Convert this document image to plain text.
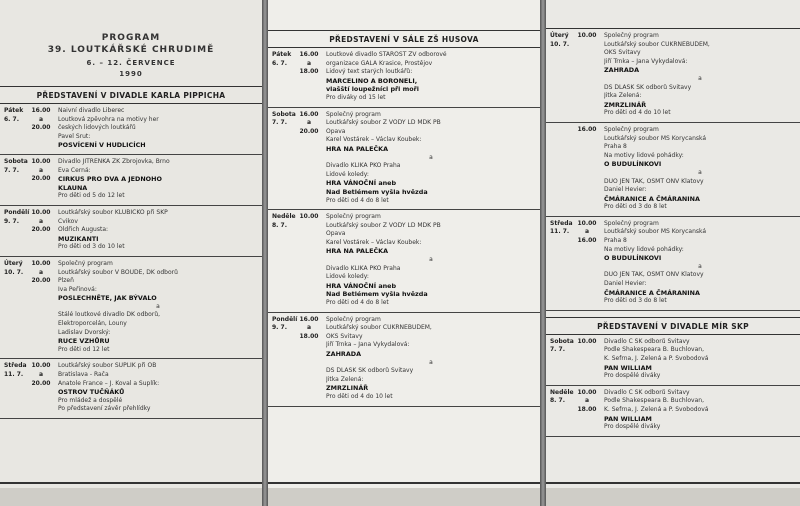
PROGRAM
39. LOUTKÁŘSKÉ CHRUDIMĚ
6. – 12. ČERVENCE
1990
PŘEDSTAVENÍ V DIVADLE KARLA PIPPICHA
Pátek
6. 7.
16.00
a
20.00
Naivní divadlo Liberec
Loutková zpěvohra na motivy her
českých lidových loutkářů
Pavel Šrut:
POSVÍCENÍ V HUDLICÍCH
Sobota
7. 7.
10.00
a
20.00
Divadlo JITŘENKA ZK Zbrojovka, Brno
Eva Černá:
CIRKUS PRO DVA A JEDNOHO
KLAUNA
Pro děti od 5 do 12 let
Pondělí
9. 7.
10.00
a
20.00
Loutkářský soubor KLUBÍČKO při SKP
Cvikov
Oldřich Augusta:
MUZIKANTI
Pro děti od 3 do 10 let
Úterý
10. 7.
10.00
a
20.00
Společný program
Loutkářský soubor V BOUDĚ, DK odborů
Plzeň
Iva Peřinová:
POSLECHNĚTE, JAK BÝVALO
a
Stálé loutkové divadlo DK odborů,
Elektroporcelán, Louny
Ladislav Dvorský:
RUCE VZHŮRU
Pro děti od 12 let
Středa
11. 7.
10.00
a
20.00
Loutkářský soubor ŠUPLÍK při OB
Bratislava - Rača
Anatole France – J. Koval a Šuplík:
OSTROV TUČŇÁKŮ
Pro mládež a dospělé
Po představení závěr přehlídky
PŘEDSTAVENÍ V SÁLE ZŠ HUSOVA
Pátek
6. 7.
16.00
a
18.00
Loutkové divadlo STAROST ZV odborové
organizace GALA Krasice, Prostějov
Lidový text starých loutkářů:
MARCELINO A BORONELI,
vlašští loupežníci při moři
Pro diváky od 15 let
Sobota
7. 7.
16.00
a
20.00
Společný program
Loutkářský soubor Z VODY LD MDK PB
Opava
Karel Vostárek – Václav Koubek:
HRA NA PALEČKA
a
Divadlo KLIKA PKO Praha
Lidové koledy:
HRA VÁNOČNÍ aneb
Nad Betlémem vyšla hvězda
Pro děti od 4 do 8 let
Neděle
8. 7.
10.00 Společný program
Loutkářský soubor Z VODY LD MDK PB
Opava
Karel Vostárek – Václav Koubek:
HRA NA PALEČKA
a
Divadlo KLIKA PKO Praha
Lidové koledy:
HRA VÁNOČNÍ aneb
Nad Betlémem vyšla hvězda
Pro děti od 4 do 8 let
Pondělí
9. 7.
16.00
a
18.00
Společný program
Loutkářský soubor CUKRNEBUDEM,
OKS Svitavy
Jiří Trnka – Jana Vykydalová:
ZAHRADA
a
DS DLASK SK odborů Svitavy
Jitka Zelená:
ZMRZLINÁŘ
Pro děti od 4 do 10 let
Úterý
10. 7.
10.00 Společný program
Loutkářský soubor CUKRNEBUDEM,
OKS Svitavy
Jiří Trnka – Jana Vykydalová:
ZAHRADA
a
DS DLASK SK odborů Svitavy
Jitka Zelená:
ZMRZLINÁŘ
Pro děti od 4 do 10 let
16.00 Společný program
Loutkářský soubor MŠ Korycanská
Praha 8
Na motivy lidové pohádky:
O BUDULÍNKOVI
a
DUO JEN TAK, OŠMT ONV Klatovy
Daniel Hevier:
ČMÁRANICE A ČMÁRANINA
Pro děti od 3 do 8 let
Středa
11. 7.
10.00
a
16.00
Společný program
Loutkářský soubor MŠ Korycanská
Praha 8
Na motivy lidové pohádky:
O BUDULÍNKOVI
a
DUO JEN TAK, OŠMT ONV Klatovy
Daniel Hevier:
ČMÁRANICE A ČMÁRANINA
Pro děti od 3 do 8 let
PŘEDSTAVENÍ V DIVADLE MÍR SKP
Sobota
7. 7.
10.00 Divadlo C SK odborů Svitavy
Podle Shakespeara B. Buchlovan,
K. Sefrna, J. Zelená a P. Svobodová
PAN WILLIAM
Pro dospělé diváky
Neděle
8. 7.
10.00
a
18.00
Divadlo C SK odborů Svitavy
Podle Shakespeara B. Buchlovan,
K. Sefrna, J. Zelená a P. Svobodová
PAN WILLIAM
Pro dospělé diváky
